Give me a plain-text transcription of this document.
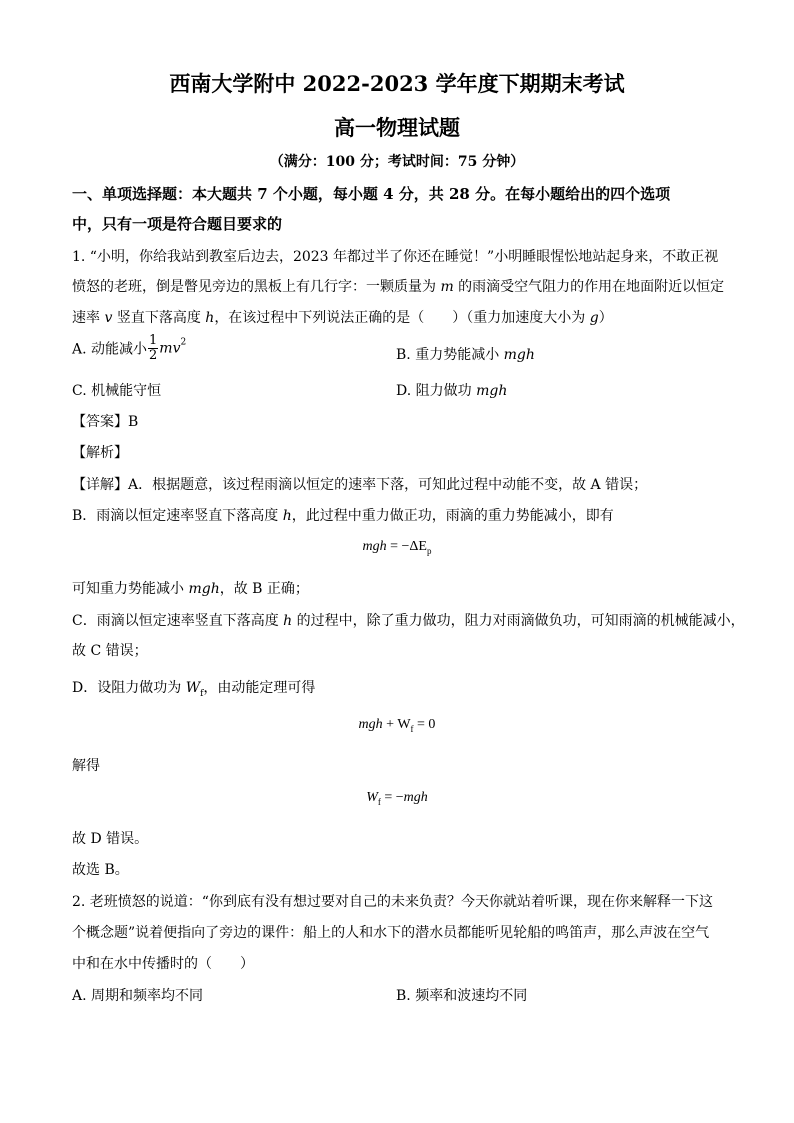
西南大学附中 2022-2023 学年度下期期末考试
高一物理试题
（满分：100 分；考试时间：75 分钟）
一、单项选择题：本大题共 7 个小题，每小题 4 分，共 28 分。在每小题给出的四个选项
中，只有一项是符合题目要求的
1. “小明，你给我站到教室后边去，2023 年都过半了你还在睡觉！”小明睡眼惺忪地站起身来，不敢正视
愤怒的老班，倒是瞥见旁边的黑板上有几行字：一颗质量为 m 的雨滴受空气阻力的作用在地面附近以恒定
速率 v 竖直下落高度 h，在该过程中下列说法正确的是（　　）（重力加速度大小为 g）
A. 动能减小 $\frac{1}{2} mv^2$
B. 重力势能减小 mgh
C. 机械能守恒	D. 阻力做功 mgh
【答案】B
【解析】
【详解】A．根据题意，该过程雨滴以恒定的速率下落，可知此过程中动能不变，故 A 错误；
B．雨滴以恒定速率竖直下落高度 h，此过程中重力做正功，雨滴的重力势能减小，即有
mgh = $-\Delta E_p$
可知重力势能减小 mgh，故 B 正确；
C．雨滴以恒定速率竖直下落高度 h 的过程中，除了重力做功，阻力对雨滴做负功，可知雨滴的机械能减小，
故 C 错误；
D．设阻力做功为 $W_f$，由动能定理可得
mgh + $W_f = 0$
解得
$W_f = -mgh$
故 D 错误。
故选 B。
2. 老班愤怒的说道：“你到底有没有想过要对自己的未来负责？今天你就站着听课，现在你来解释一下这
个概念题”说着便指向了旁边的课件：船上的人和水下的潜水员都能听见轮船的鸣笛声，那么声波在空气
中和在水中传播时的（　　）
A. 周期和频率均不同	B. 频率和波速均不同
